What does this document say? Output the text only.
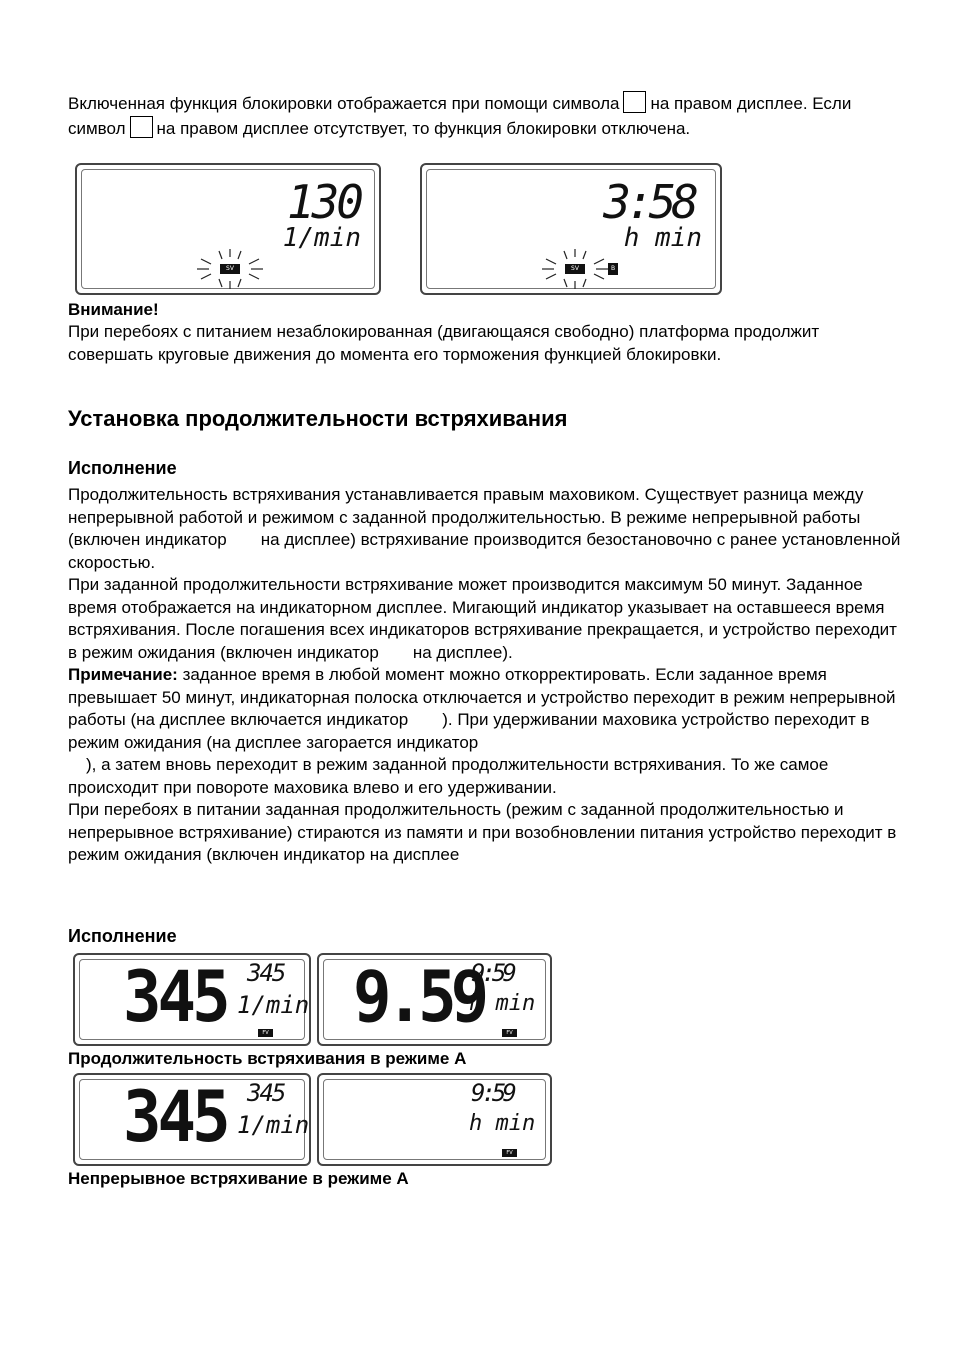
Включенная функция блокировки отображается при помощи символа на правом дисплее. Если символ на правом дисплее отсутствует, то функция блокировки отключена.

130
1/min
SV
3:58
h min
SV	B

Внимание!

При перебоях с питанием незаблокированная (двигающаяся свободно) платформа продолжит совершать круговые движения до момента его торможения функцией блокировки.

Установка продолжительности встряхивания
Исполнение

Продолжительность встряхивания устанавливается правым маховиком. Существует разница между непрерывной работой и режимом с заданной продолжительностью. В режиме непрерывной работы (включен индикатор на дисплее) встряхивание производится безостановочно с ранее установленной скоростью.
При заданной продолжительности встряхивание может производится максимум 50 минут. Заданное время отображается на индикаторном дисплее. Мигающий индикатор указывает на оставшееся время встряхивания. После погашения всех индикаторов встряхивание прекращается, и устройство переходит в режим ожидания (включен индикатор на дисплее).
Примечание: заданное время в любой момент можно откорректировать. Если заданное время превышает 50 минут, индикаторная полоска отключается и устройство переходит в режим непрерывной работы (на дисплее включается индикатор ). При удерживании маховика устройство переходит в режим ожидания (на дисплее загорается индикатор
), а затем вновь переходит в режим заданной продолжительности встряхивания. То же самое происходит при повороте маховика влево и его удерживании.
При перебоях в питании заданная продолжительность (режим с заданной продолжительностью и непрерывное встряхивание) стираются из памяти и при возобновлении питания устройство переходит в режим ожидания (включен индикатор на дисплее

Исполнение
345 345
1/min
FV 9.59
9:59
h min
FV

Продолжительность встряхивания в режиме А

345 345
1/min
9:59
h min
FV

Непрерывное встряхивание в режиме А
